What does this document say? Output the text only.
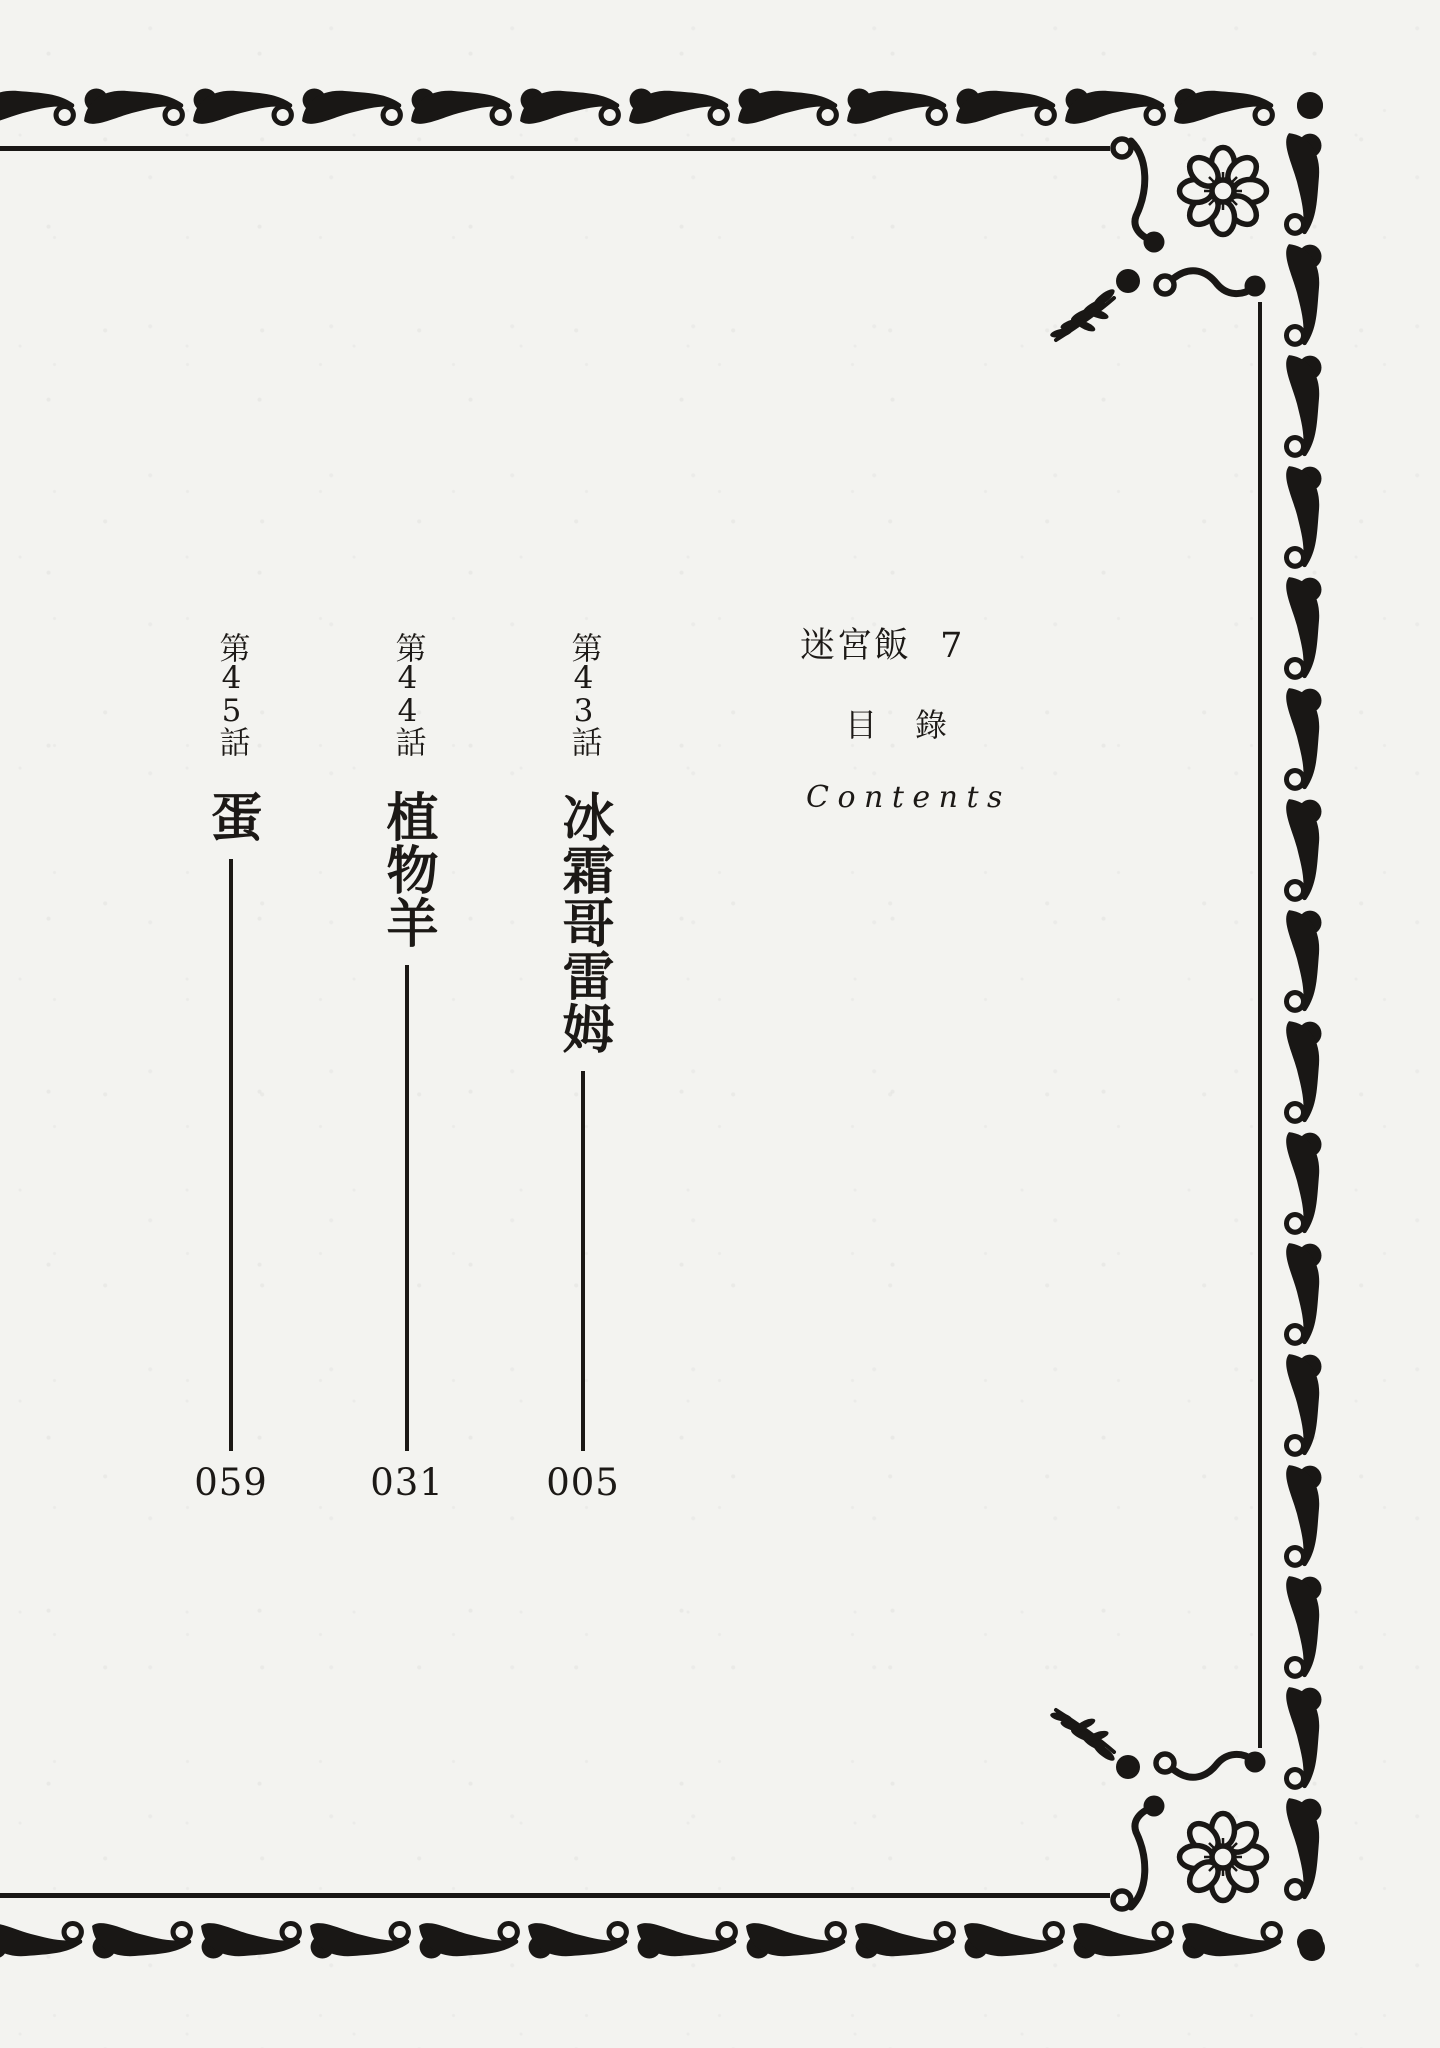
迷宮飯 7
目錄
Contents
第43話
冰霜哥雷姆
005
第44話
植物羊
031
第45話
蛋
059
